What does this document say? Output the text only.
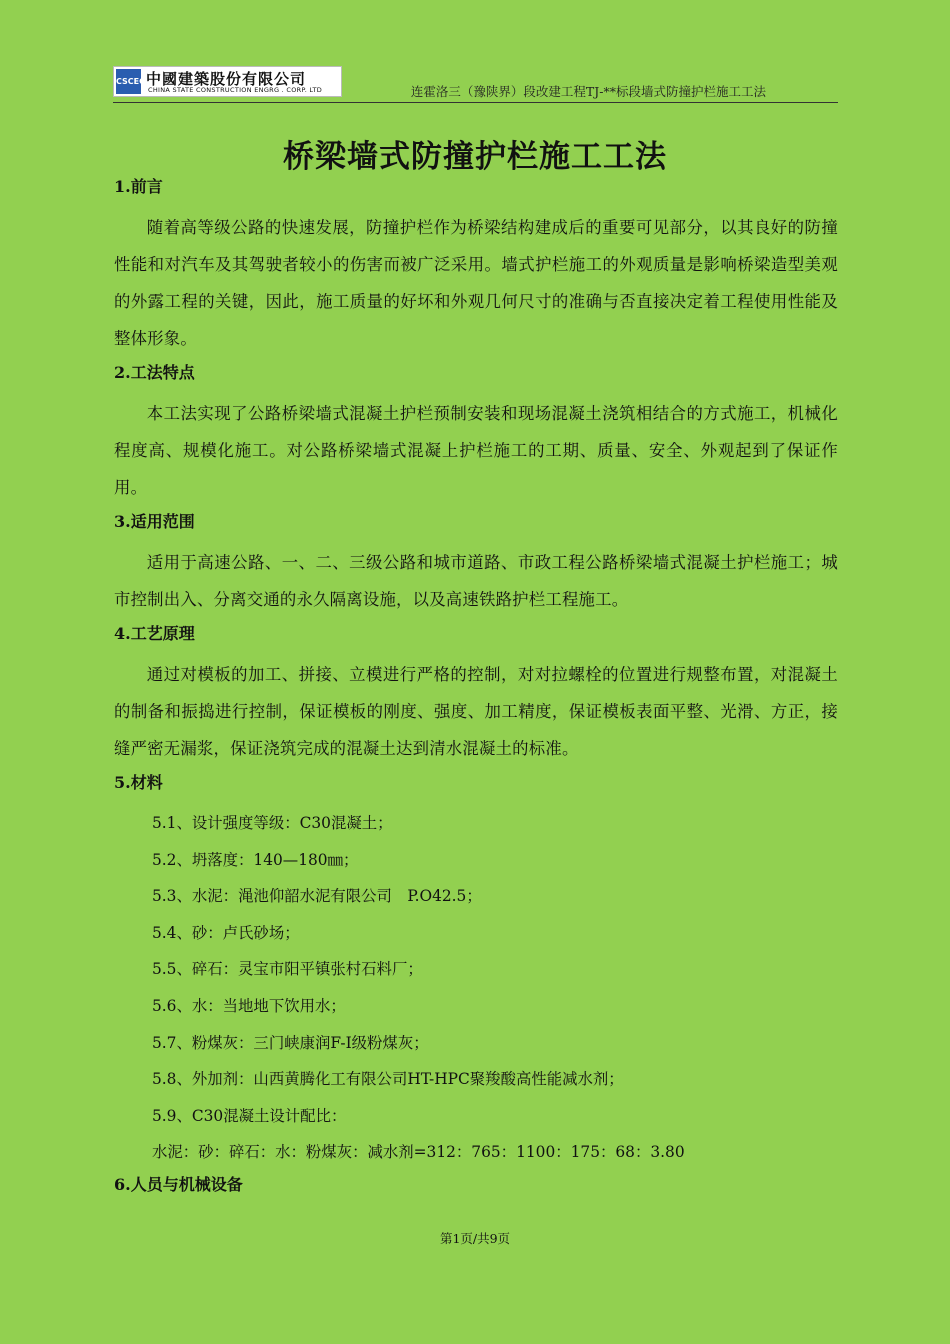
CSCEC 中國建築股份有限公司
CHINA STATE CONSTRUCTION ENGRG . CORP. LTD	连霍洛三（豫陕界）段改建工程TJ-**标段墙式防撞护栏施工工法
桥梁墙式防撞护栏施工工法
1.前言

随着高等级公路的快速发展，防撞护栏作为桥梁结构建成后的重要可见部分，以其良好的防撞性能和对汽车及其驾驶者较小的伤害而被广泛采用。墙式护栏施工的外观质量是影响桥梁造型美观的外露工程的关键，因此，施工质量的好坏和外观几何尺寸的准确与否直接决定着工程使用性能及整体形象。

2.工法特点

本工法实现了公路桥梁墙式混凝土护栏预制安装和现场混凝土浇筑相结合的方式施工，机械化程度高、规模化施工。对公路桥梁墙式混凝上护栏施工的工期、质量、安全、外观起到了保证作用。

3.适用范围

适用于高速公路、一、二、三级公路和城市道路、市政工程公路桥梁墙式混凝土护栏施工；城市控制出入、分离交通的永久隔离设施，以及高速铁路护栏工程施工。

4.工艺原理

通过对模板的加工、拼接、立模进行严格的控制，对对拉螺栓的位置进行规整布置，对混凝土的制备和振捣进行控制，保证模板的刚度、强度、加工精度，保证模板表面平整、光滑、方正，接缝严密无漏浆，保证浇筑完成的混凝土达到清水混凝土的标准。

5.材料
5.1、设计强度等级：C30混凝土；
5.2、坍落度：140—180㎜；
5.3、水泥：渑池仰韶水泥有限公司　P.O42.5；
5.4、砂：卢氏砂场；
5.5、碎石：灵宝市阳平镇张村石料厂；
5.6、水：当地地下饮用水；
5.7、粉煤灰：三门峡康润F-I级粉煤灰；
5.8、外加剂：山西黄腾化工有限公司HT-HPC聚羧酸高性能减水剂；
5.9、C30混凝土设计配比：
水泥：砂：碎石：水：粉煤灰：减水剂=312：765：1100：175：68：3.80
6.人员与机械设备
第1页/共9页
